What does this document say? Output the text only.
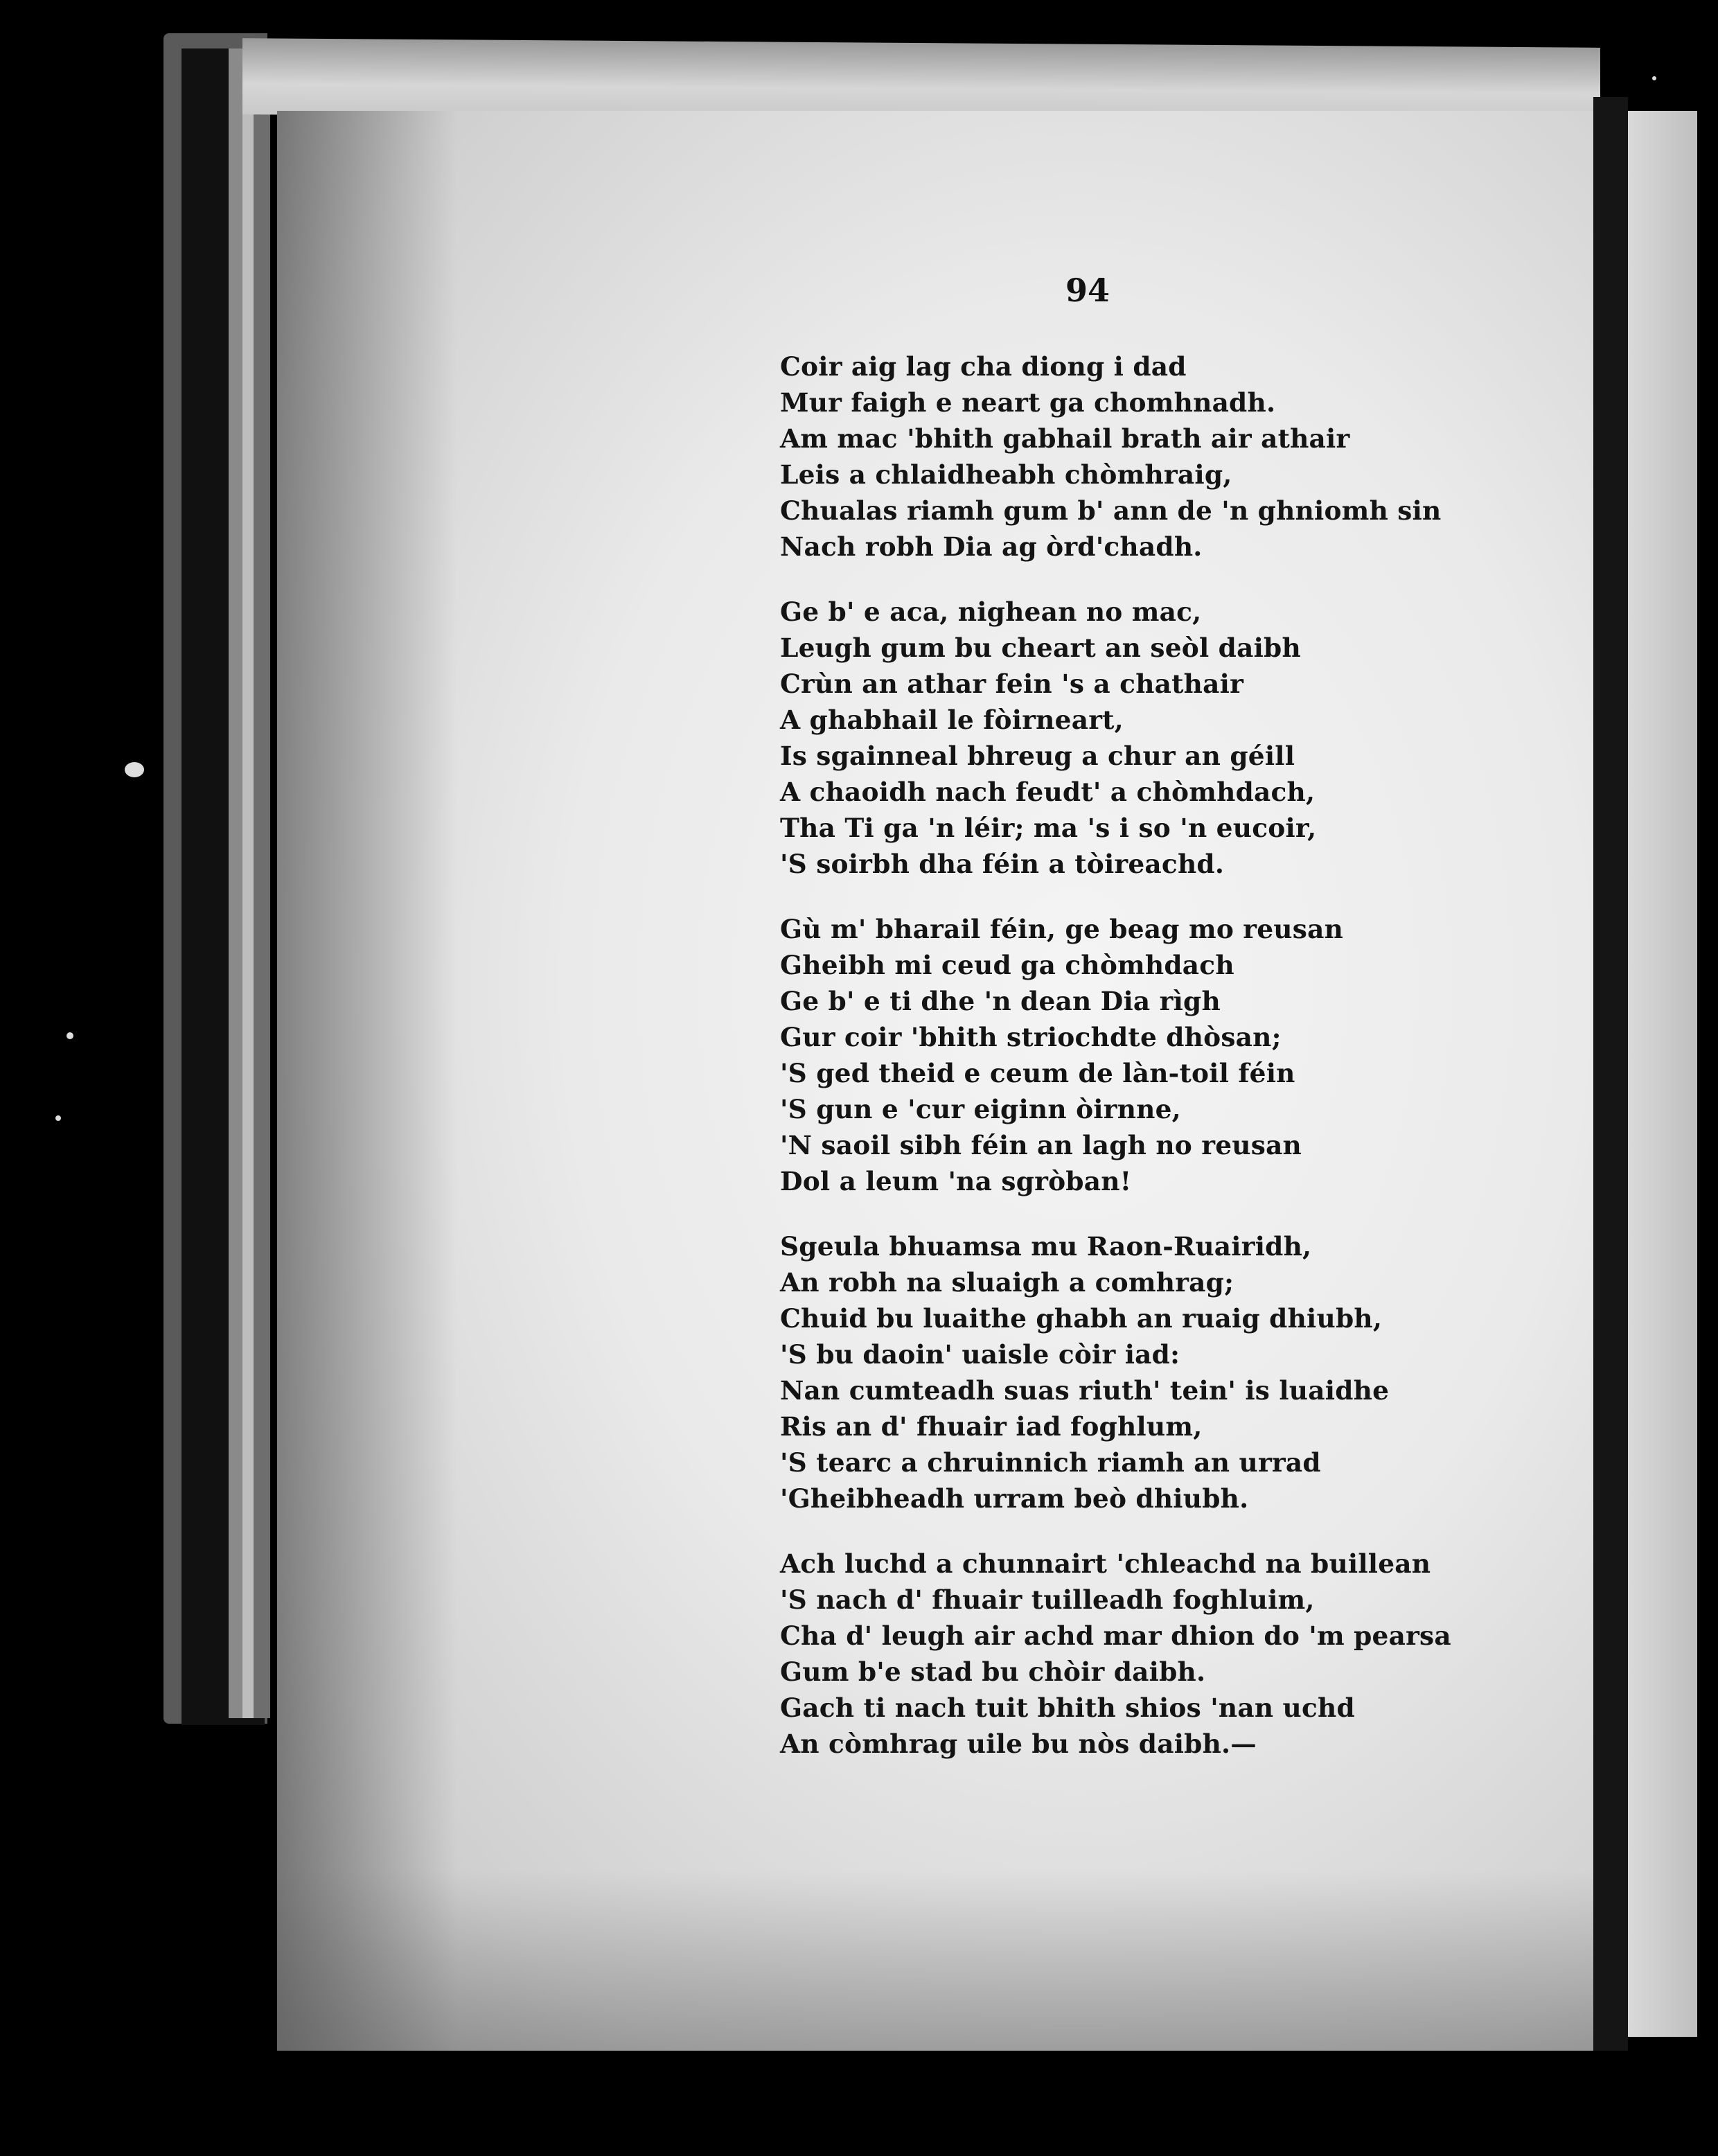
94
Coir aig lag cha diong i dad
Mur faigh e neart ga chomhnadh.
Am mac 'bhith gabhail brath air athair
Leis a chlaidheabh chòmhraig,
Chualas riamh gum b' ann de 'n ghniomh sin
Nach robh Dia ag òrd'chadh.
Ge b' e aca, nighean no mac,
Leugh gum bu cheart an seòl daibh
Crùn an athar fein 's a chathair
A ghabhail le fòirneart,
Is sgainneal bhreug a chur an géill
A chaoidh nach feudt' a chòmhdach,
Tha Ti ga 'n léir; ma 's i so 'n eucoir,
'S soirbh dha féin a tòireachd.
Gù m' bharail féin, ge beag mo reusan
Gheibh mi ceud ga chòmhdach
Ge b' e ti dhe 'n dean Dia rìgh
Gur coir 'bhith striochdte dhòsan;
'S ged theid e ceum de làn-toil féin
'S gun e 'cur eiginn òirnne,
'N saoil sibh féin an lagh no reusan
Dol a leum 'na sgròban!
Sgeula bhuamsa mu Raon-Ruairidh,
An robh na sluaigh a comhrag;
Chuid bu luaithe ghabh an ruaig dhiubh,
'S bu daoin' uaisle còir iad:
Nan cumteadh suas riuth' tein' is luaidhe
Ris an d' fhuair iad foghlum,
'S tearc a chruinnich riamh an urrad
'Gheibheadh urram beò dhiubh.
Ach luchd a chunnairt 'chleachd na buillean
'S nach d' fhuair tuilleadh foghluim,
Cha d' leugh air achd mar dhion do 'm pearsa
Gum b'e stad bu chòir daibh.
Gach ti nach tuit bhith shios 'nan uchd
An còmhrag uile bu nòs daibh.—
